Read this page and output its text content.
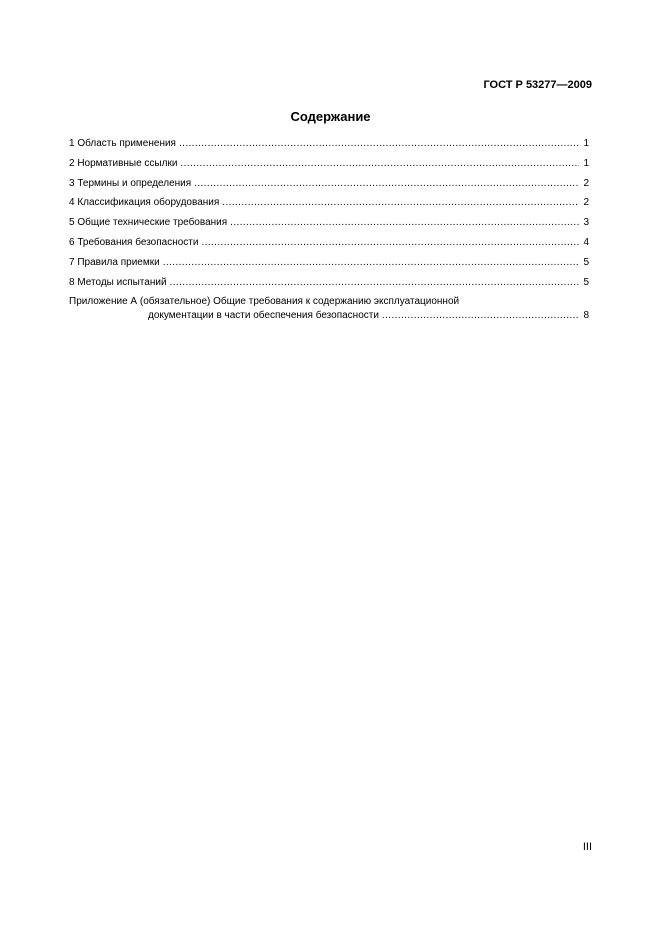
ГОСТ Р 53277—2009
Содержание
1 Область применения .....	1
2 Нормативные ссылки .....	1
3 Термины и определения .....	2
4 Классификация оборудования .....	2
5 Общие технические требования .....	3
6 Требования безопасности .....	4
7 Правила приемки .....	5
8 Методы испытаний .....	5
Приложение А (обязательное) Общие требования к содержанию эксплуатационной
документации в части обеспечения безопасности .....	8
III
